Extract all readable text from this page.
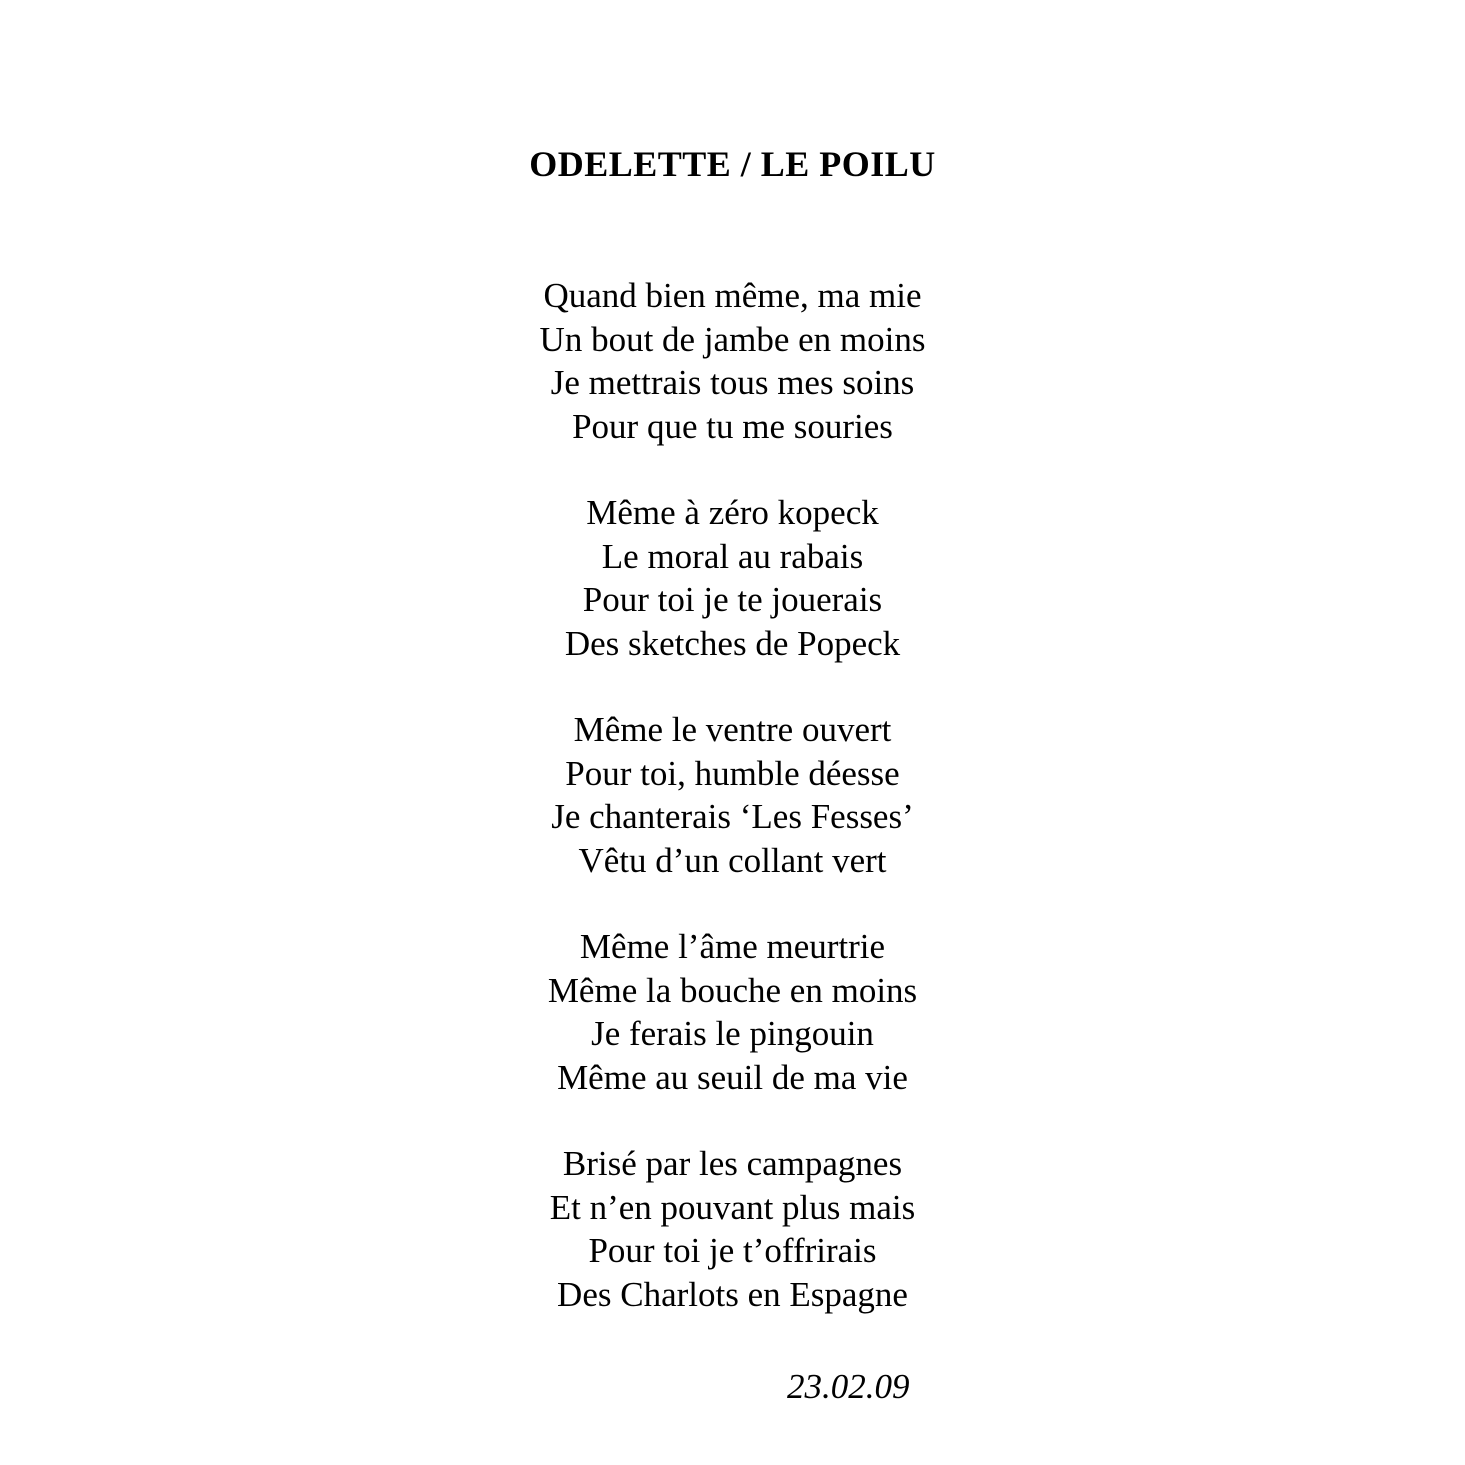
ODELETTE / LE POILU
Quand bien même, ma mie
Un bout de jambe en moins
Je mettrais tous mes soins
Pour que tu me souries
Même à zéro kopeck
Le moral au rabais
Pour toi je te jouerais
Des sketches de Popeck
Même le ventre ouvert
Pour toi, humble déesse
Je chanterais ‘Les Fesses’
Vêtu d’un collant vert
Même l’âme meurtrie
Même la bouche en moins
Je ferais le pingouin
Même au seuil de ma vie
Brisé par les campagnes
Et n’en pouvant plus mais
Pour toi je t’offrirais
Des Charlots en Espagne
23.02.09
